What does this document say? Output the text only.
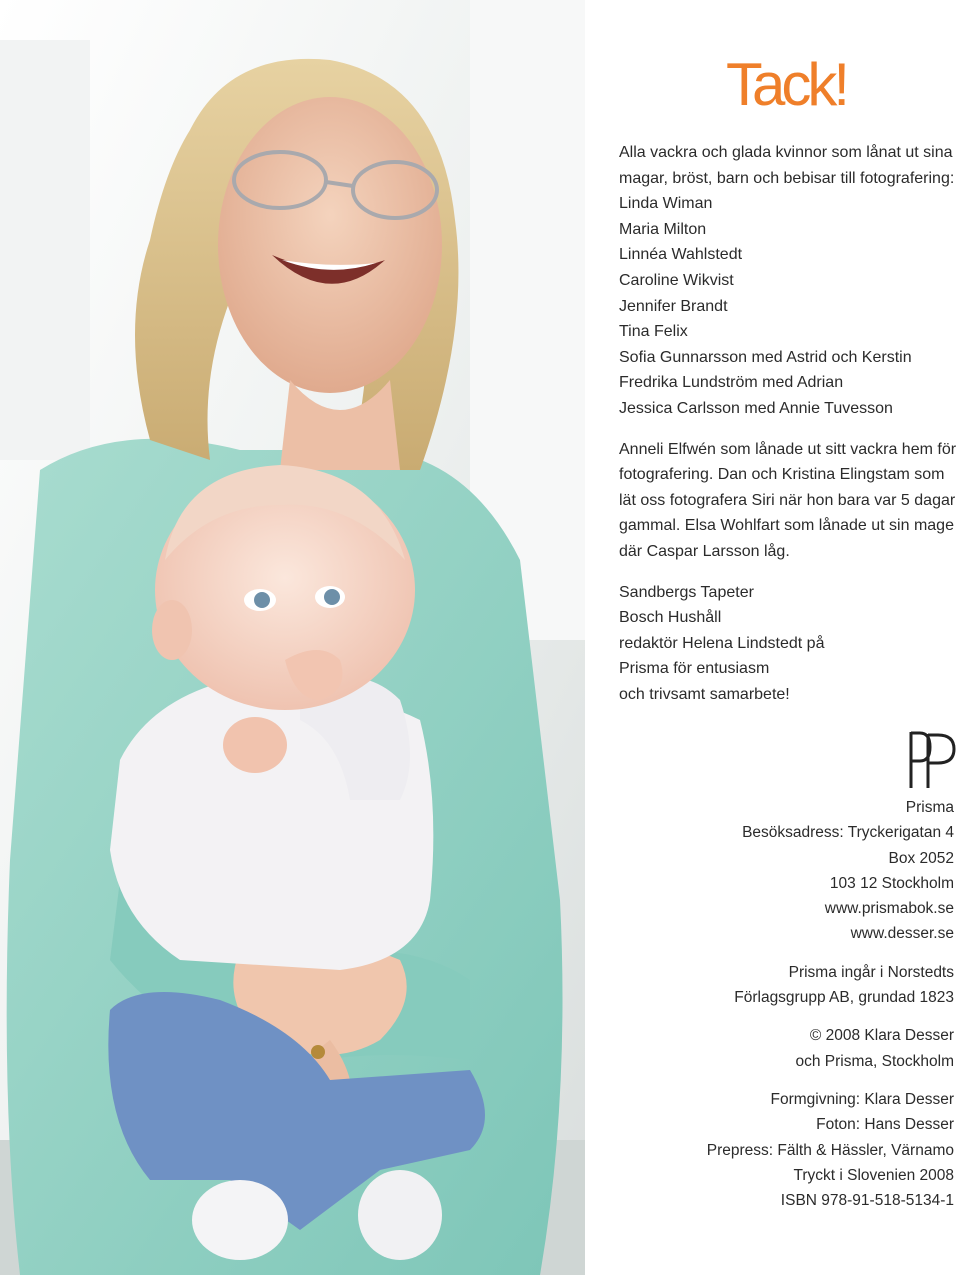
Tack!

Alla vackra och glada kvinnor som lånat ut sina
magar, bröst, barn och bebisar till fotografering:
Linda Wiman
Maria Milton
Linnéa Wahlstedt
Caroline Wikvist
Jennifer Brandt
Tina Felix
Sofia Gunnarsson med Astrid och Kerstin
Fredrika Lundström med Adrian
Jessica Carlsson med Annie Tuvesson

Anneli Elfwén som lånade ut sitt vackra hem för
fotografering. Dan och Kristina Elingstam som
lät oss fotografera Siri när hon bara var 5 dagar
gammal. Elsa Wohlfart som lånade ut sin mage
där Caspar Larsson låg.

Sandbergs Tapeter
Bosch Hushåll
redaktör Helena Lindstedt på
Prisma för entusiasm
och trivsamt samarbete!

Prisma
Besöksadress: Tryckerigatan 4
Box 2052
103 12 Stockholm
www.prismabok.se
www.desser.se
Prisma ingår i Norstedts
Förlagsgrupp AB, grundad 1823
© 2008 Klara Desser
och Prisma, Stockholm
Formgivning: Klara Desser
Foton: Hans Desser
Prepress: Fälth & Hässler, Värnamo
Tryckt i Slovenien 2008
ISBN 978-91-518-5134-1
